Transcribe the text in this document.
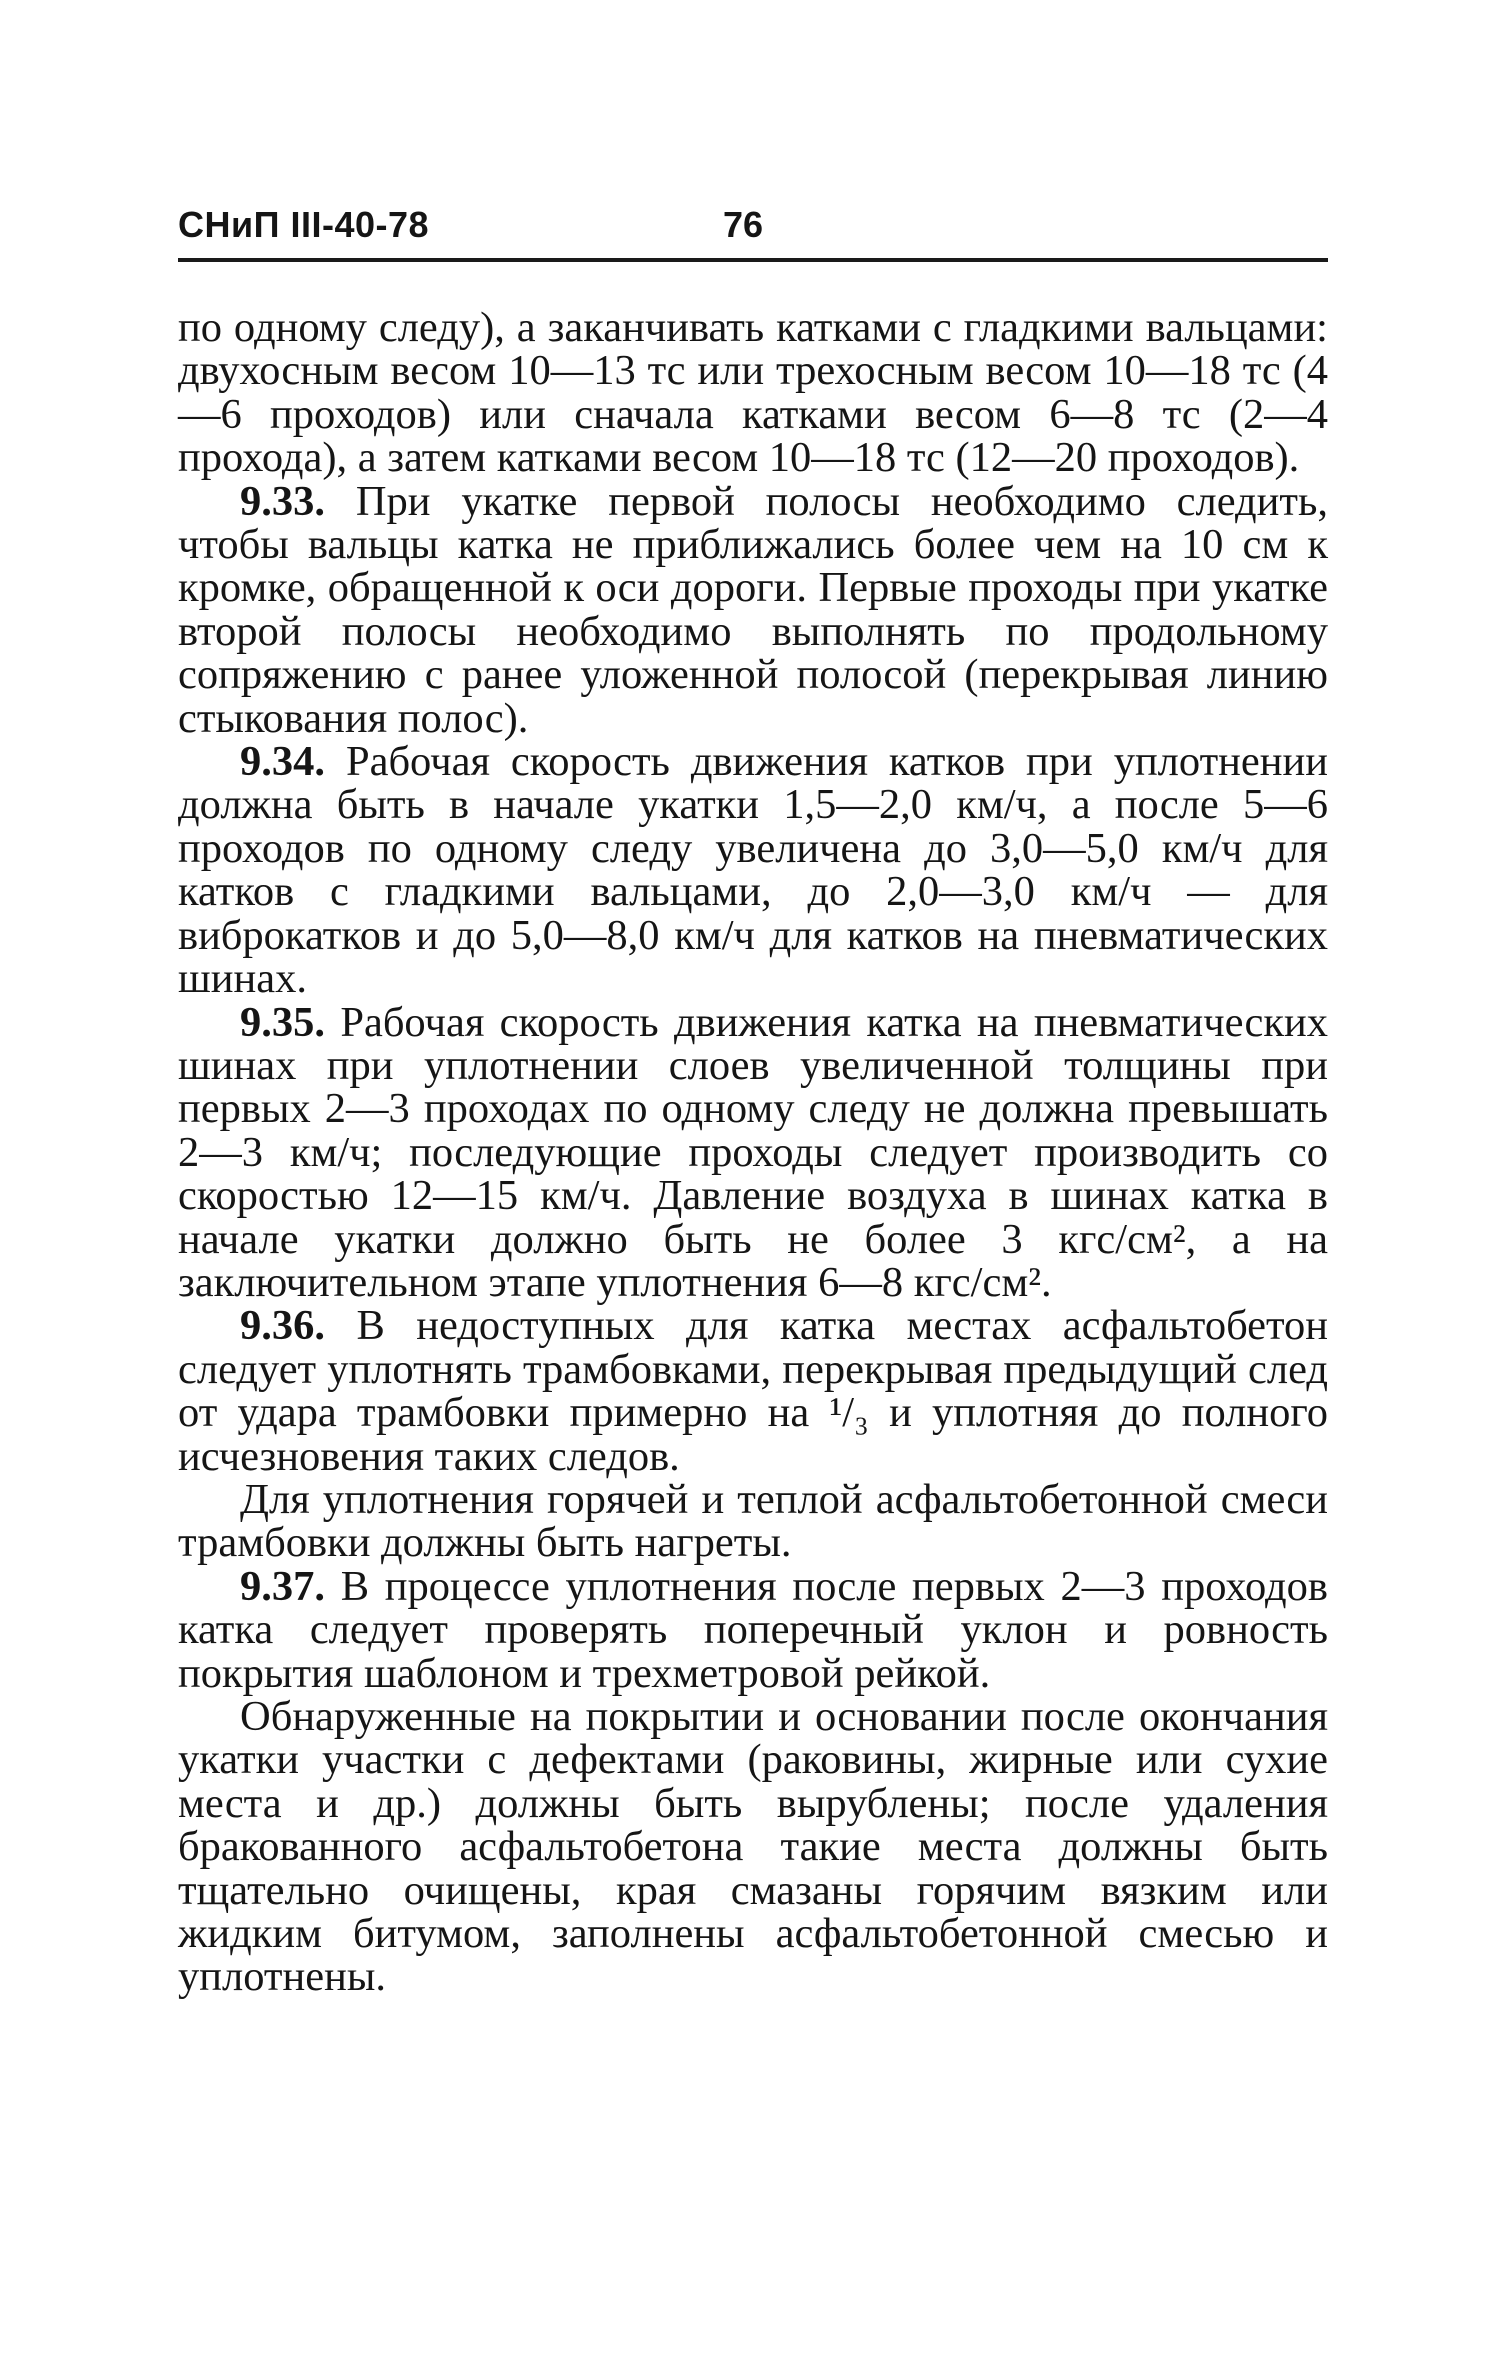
СНиП III-40-78	76

по одному следу), а заканчивать катками с гладкими вальцами: двухосным весом 10—13 тс или трехосным весом 10—18 тс (4—6 проходов) или сначала катками весом 6—8 тс (2—4 прохода), а затем катками весом 10—18 тс (12—20 проходов).

9.33. При укатке первой полосы необходимо следить, чтобы вальцы катка не приближались более чем на 10 см к кромке, обращенной к оси дороги. Первые проходы при укатке второй полосы необходимо выполнять по продольному сопряжению с ранее уложенной полосой (перекрывая линию стыкования полос).

9.34. Рабочая скорость движения катков при уплотнении должна быть в начале укатки 1,5—2,0 км/ч, а после 5—6 проходов по одному следу увеличена до 3,0—5,0 км/ч для катков с гладкими вальцами, до 2,0—3,0 км/ч — для виброкатков и до 5,0—8,0 км/ч для катков на пневматических шинах.

9.35. Рабочая скорость движения катка на пневматических шинах при уплотнении слоев увеличенной толщины при первых 2—3 проходах по одному следу не должна превышать 2—3 км/ч; последующие проходы следует производить со скоростью 12—15 км/ч. Давление воздуха в шинах катка в начале укатки должно быть не более 3 кгс/см², а на заключительном этапе уплотнения 6—8 кгс/см².

9.36. В недоступных для катка местах асфальтобетон следует уплотнять трамбовками, перекрывая предыдущий след от удара трамбовки примерно на ¹/₃ и уплотняя до полного исчезновения таких следов.

Для уплотнения горячей и теплой асфальтобетонной смеси трамбовки должны быть нагреты.

9.37. В процессе уплотнения после первых 2—3 проходов катка следует проверять поперечный уклон и ровность покрытия шаблоном и трехметровой рейкой.

Обнаруженные на покрытии и основании после окончания укатки участки с дефектами (раковины, жирные или сухие места и др.) должны быть вырублены; после удаления бракованного асфальтобетона такие места должны быть тщательно очищены, края смазаны горячим вязким или жидким битумом, заполнены асфальтобетонной смесью и уплотнены.
